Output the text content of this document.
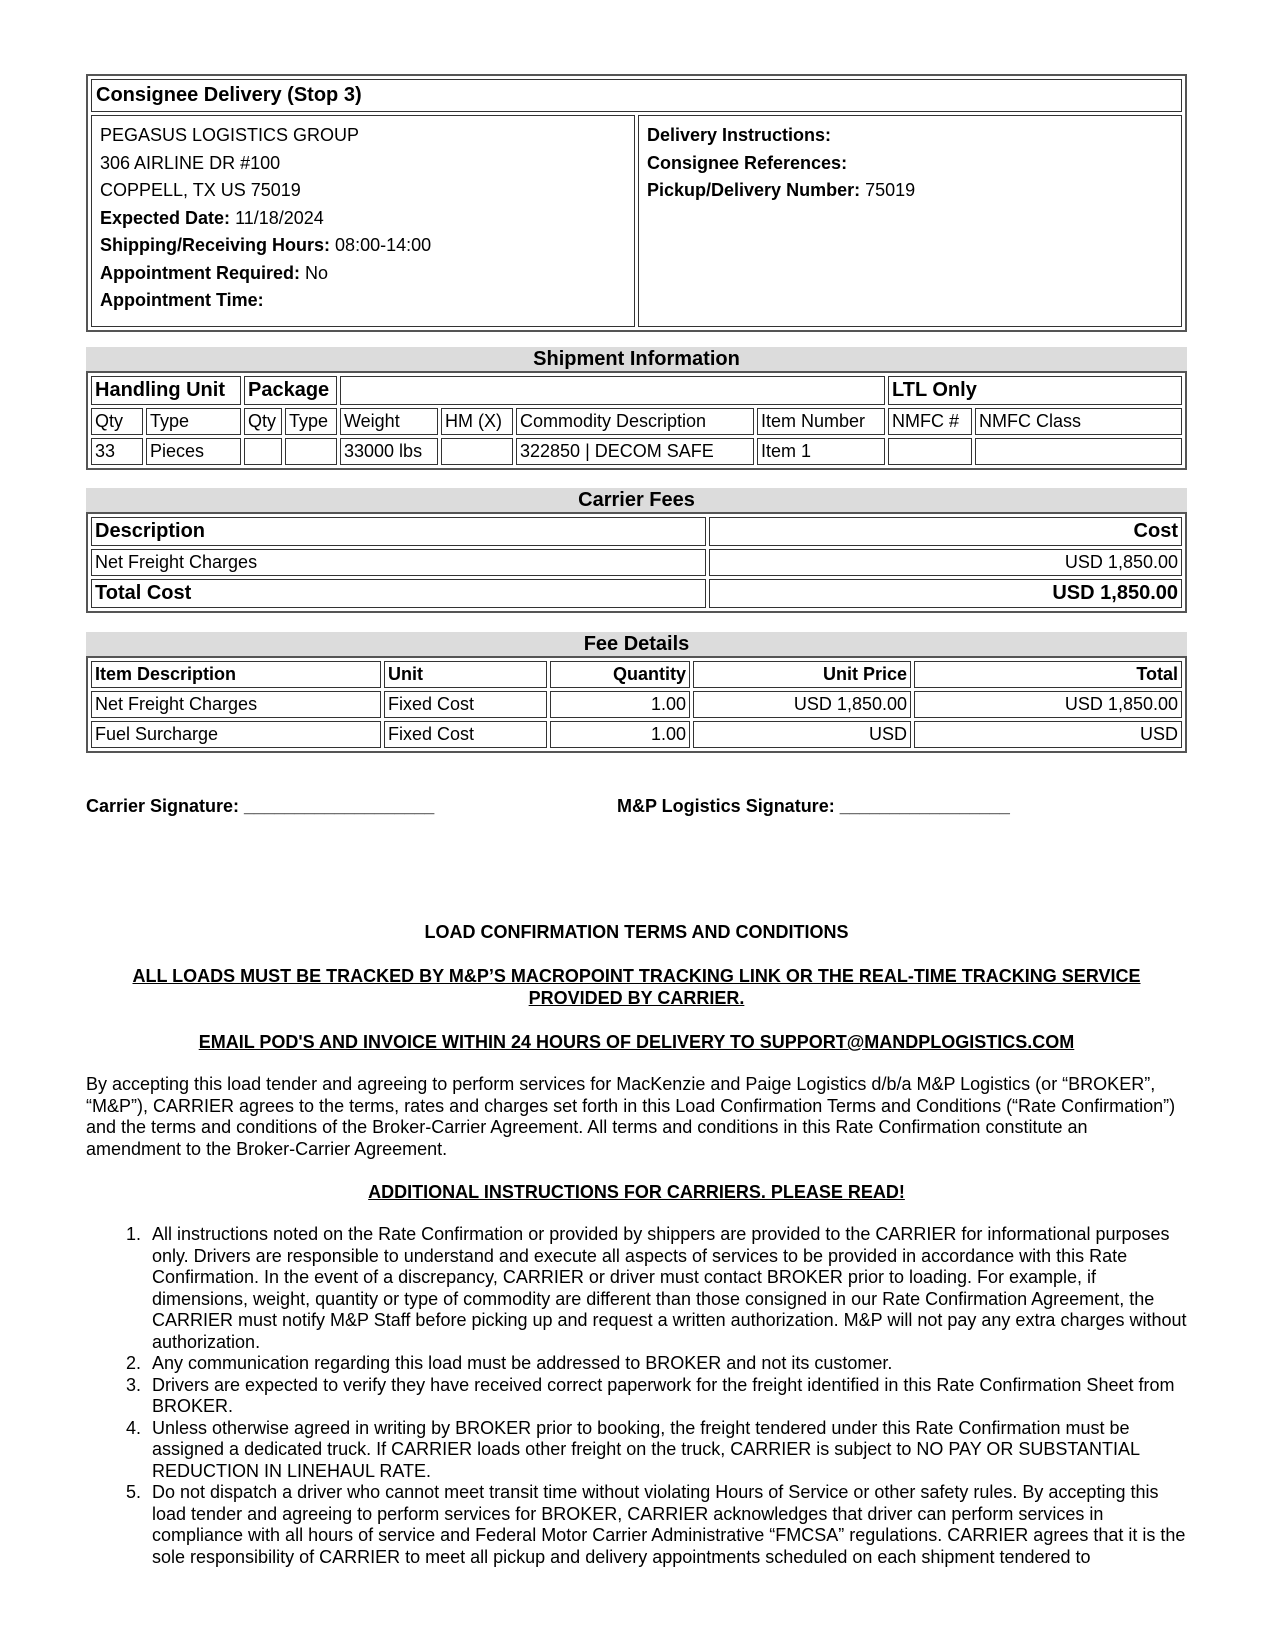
Consignee Delivery (Stop 3)

PEGASUS LOGISTICS GROUP
306 AIRLINE DR #100
COPPELL, TX US 75019
Expected Date: 11/18/2024
Shipping/Receiving Hours: 08:00-14:00
Appointment Required: No
Appointment Time:

Delivery Instructions:
Consignee References:
Pickup/Delivery Number: 75019
Shipment Information
Handling Unit		Package						LTL Only	
Qty	Type	Qty	Type	Weight	HM (X)	Commodity Description	Item Number	NMFC #	NMFC Class
33	Pieces			33000 lbs		322850 | DECOM SAFE	Item 1		
Carrier Fees
Description	Cost
Net Freight Charges	USD 1,850.00
Total Cost	USD 1,850.00
Fee Details
Item Description	Unit	Quantity	Unit Price	Total
Net Freight Charges	Fixed Cost	1.00	USD 1,850.00	USD 1,850.00
Fuel Surcharge	Fixed Cost	1.00	USD	USD
Carrier Signature: ___________________	M&P Logistics Signature: _________________
LOAD CONFIRMATION TERMS AND CONDITIONS
ALL LOADS MUST BE TRACKED BY M&P’S MACROPOINT TRACKING LINK OR THE REAL-TIME TRACKING SERVICE PROVIDED BY CARRIER.
EMAIL POD'S AND INVOICE WITHIN 24 HOURS OF DELIVERY TO SUPPORT@MANDPLOGISTICS.COM
By accepting this load tender and agreeing to perform services for MacKenzie and Paige Logistics d/b/a M&P Logistics (or “BROKER”, “M&P”), CARRIER agrees to the terms, rates and charges set forth in this Load Confirmation Terms and Conditions (“Rate Confirmation”) and the terms and conditions of the Broker-Carrier Agreement. All terms and conditions in this Rate Confirmation constitute an amendment to the Broker-Carrier Agreement.
ADDITIONAL INSTRUCTIONS FOR CARRIERS. PLEASE READ!
1. All instructions noted on the Rate Confirmation or provided by shippers are provided to the CARRIER for informational purposes only. Drivers are responsible to understand and execute all aspects of services to be provided in accordance with this Rate Confirmation. In the event of a discrepancy, CARRIER or driver must contact BROKER prior to loading. For example, if dimensions, weight, quantity or type of commodity are different than those consigned in our Rate Confirmation Agreement, the CARRIER must notify M&P Staff before picking up and request a written authorization. M&P will not pay any extra charges without authorization.
2. Any communication regarding this load must be addressed to BROKER and not its customer.
3. Drivers are expected to verify they have received correct paperwork for the freight identified in this Rate Confirmation Sheet from BROKER.
4. Unless otherwise agreed in writing by BROKER prior to booking, the freight tendered under this Rate Confirmation must be assigned a dedicated truck. If CARRIER loads other freight on the truck, CARRIER is subject to NO PAY OR SUBSTANTIAL REDUCTION IN LINEHAUL RATE.
5. Do not dispatch a driver who cannot meet transit time without violating Hours of Service or other safety rules. By accepting this load tender and agreeing to perform services for BROKER, CARRIER acknowledges that driver can perform services in compliance with all hours of service and Federal Motor Carrier Administrative “FMCSA” regulations. CARRIER agrees that it is the sole responsibility of CARRIER to meet all pickup and delivery appointments scheduled on each shipment tendered to
